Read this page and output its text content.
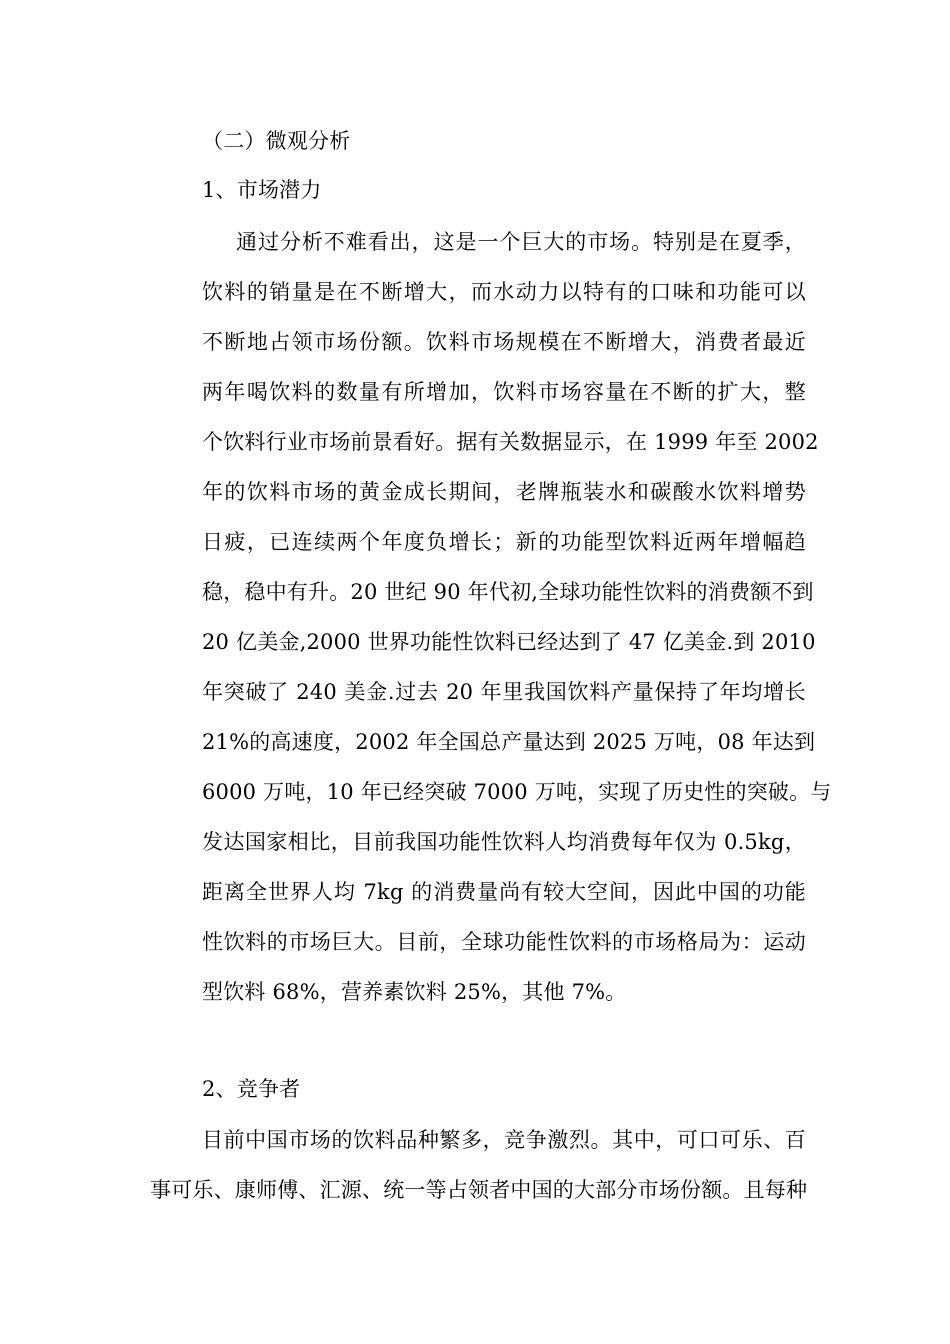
（二）微观分析
1、市场潜力
通过分析不难看出，这是一个巨大的市场。特别是在夏季，
饮料的销量是在不断增大，而水动力以特有的口味和功能可以
不断地占领市场份额。饮料市场规模在不断增大，消费者最近
两年喝饮料的数量有所增加，饮料市场容量在不断的扩大，整
个饮料行业市场前景看好。据有关数据显示，在 1999 年至 2002
年的饮料市场的黄金成长期间，老牌瓶装水和碳酸水饮料增势
日疲，已连续两个年度负增长；新的功能型饮料近两年增幅趋
稳，稳中有升。20 世纪 90 年代初,全球功能性饮料的消费额不到
20 亿美金,2000 世界功能性饮料已经达到了 47 亿美金.到 2010
年突破了 240 美金.过去 20 年里我国饮料产量保持了年均增长
21%的高速度，2002 年全国总产量达到 2025 万吨，08 年达到
6000 万吨，10 年已经突破 7000 万吨，实现了历史性的突破。与
发达国家相比，目前我国功能性饮料人均消费每年仅为 0.5kg，
距离全世界人均 7kg 的消费量尚有较大空间，因此中国的功能
性饮料的市场巨大。目前，全球功能性饮料的市场格局为：运动
型饮料 68%，营养素饮料 25%，其他 7%。
2、竞争者
目前中国市场的饮料品种繁多，竞争激烈。其中，可口可乐、百
事可乐、康师傅、汇源、统一等占领者中国的大部分市场份额。且每种
